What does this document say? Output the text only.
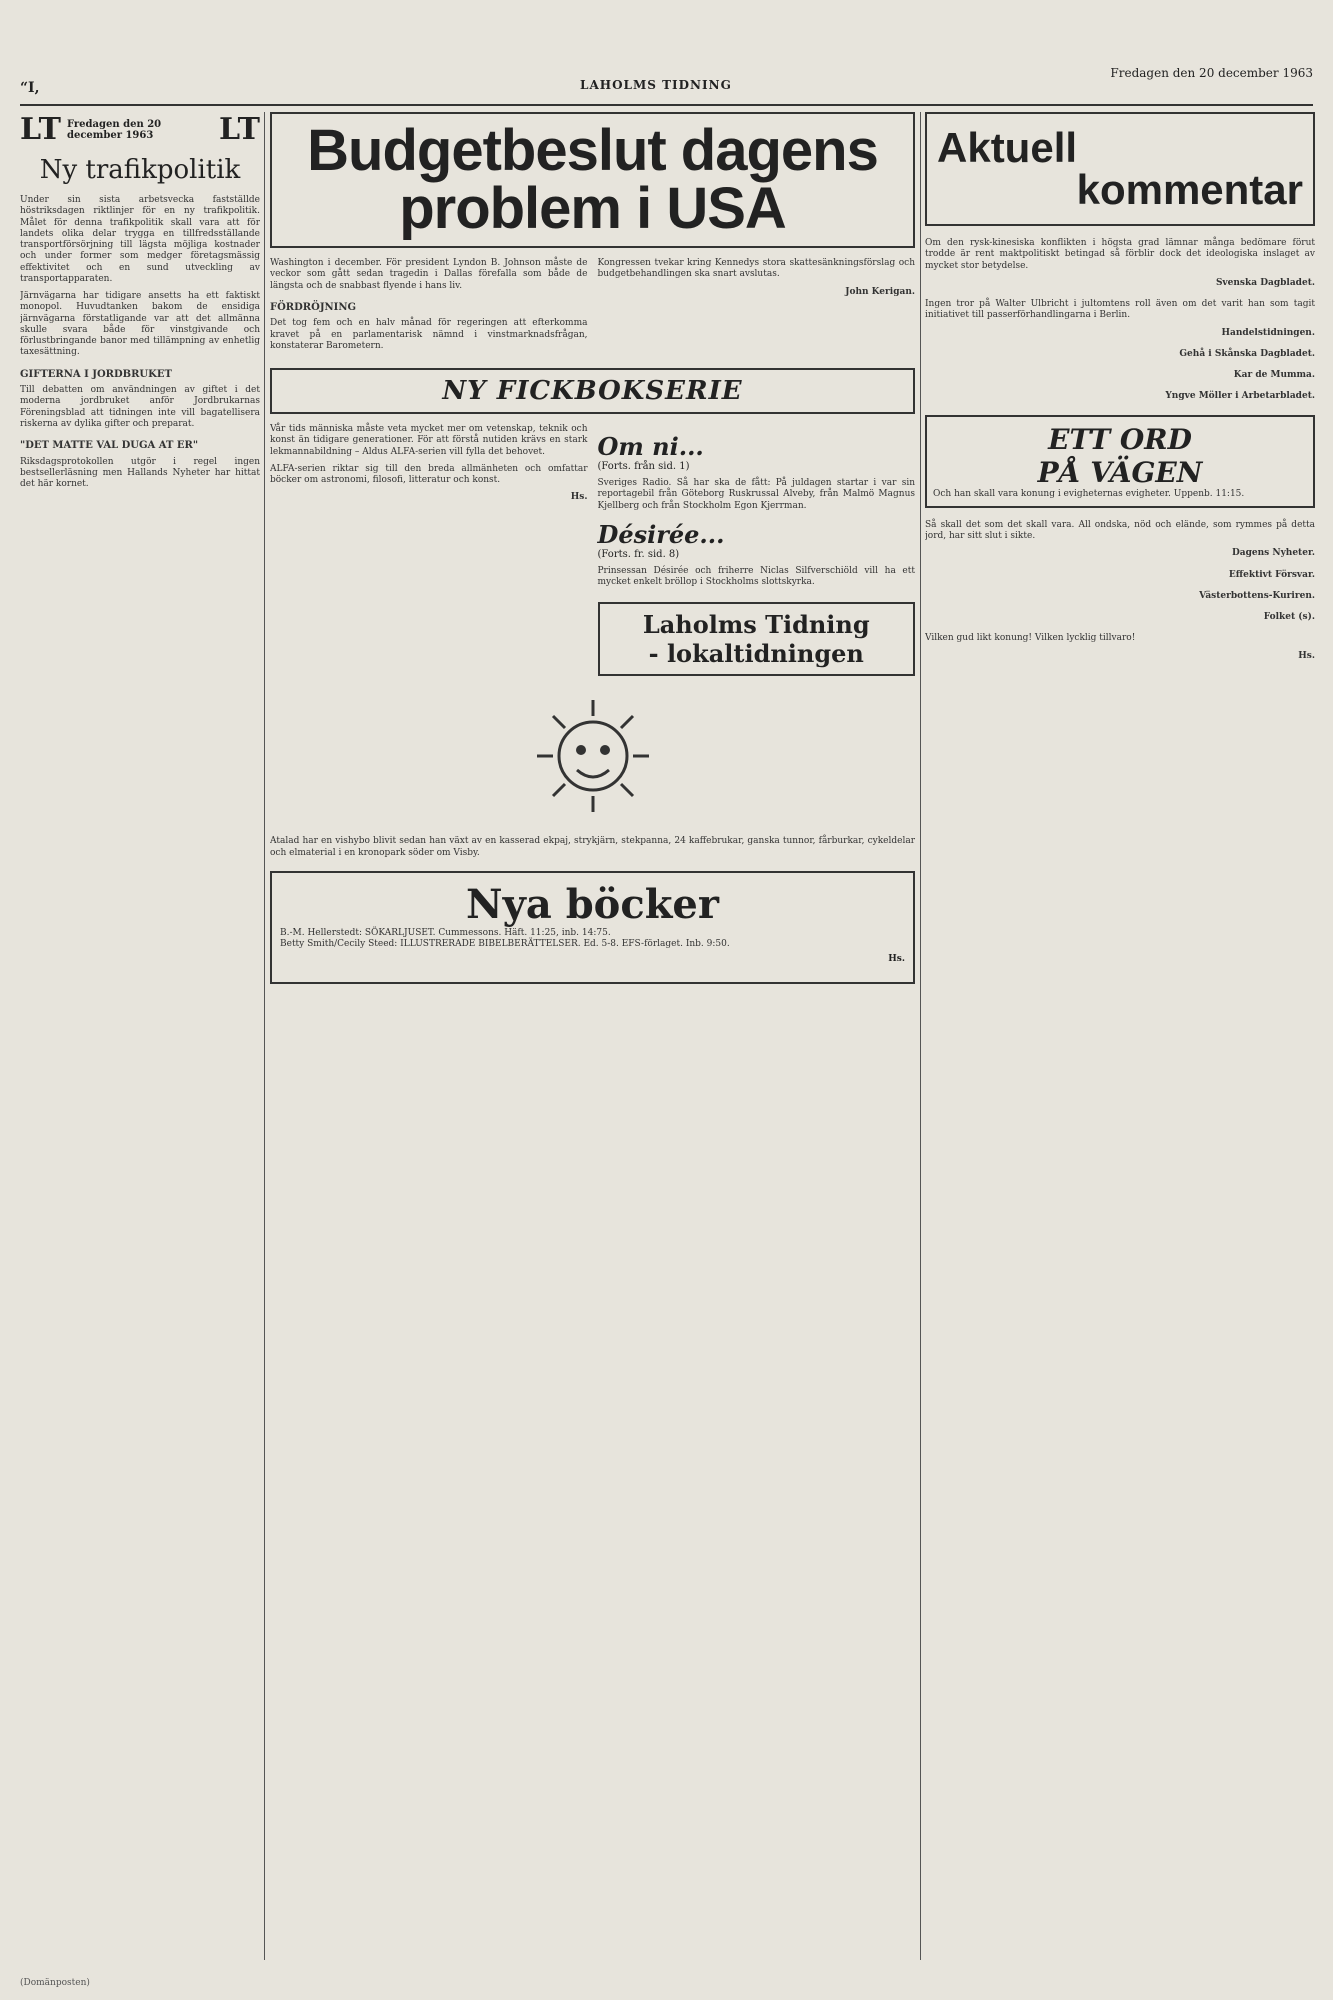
“I,	LAHOLMS TIDNING
Fredagen den 20 december 1963
LT Fredagen den 20 december 1963	LT
Ny trafikpolitik

Under sin sista arbetsvecka fastställde höstriksdagen riktlinjer för en ny trafikpolitik. Målet för denna trafikpolitik skall vara att för landets olika delar trygga en tillfredsställande transportförsörjning till lägsta möjliga kostnader och under former som medger företagsmässig effektivitet och en sund utveckling av transportapparaten.

Järnvägarna har tidigare ansetts ha ett faktiskt monopol. Huvudtanken bakom de ensidiga järnvägarna förstatligande var att det allmänna skulle svara både för vinstgivande och förlustbringande banor med tillämpning av enhetlig taxesättning.

GIFTERNA I JORDBRUKET

Till debatten om användningen av giftet i det moderna jordbruket anför Jordbrukarnas Föreningsblad att tidningen inte vill bagatellisera riskerna av dylika gifter och preparat.

"DET MATTE VAL DUGA AT ER"

Riksdagsprotokollen utgör i regel ingen bestsellerläsning men Hallands Nyheter har hittat det här kornet.

Budgetbeslut dagens problem i USA

Washington i december. För president Lyndon B. Johnson måste de veckor som gått sedan tragedin i Dallas förefalla som både de längsta och de snabbast flyende i hans liv.

FÖRDRÖJNING

Det tog fem och en halv månad för regeringen att efterkomma kravet på en parlamentarisk nämnd i vinstmarknadsfrågan, konstaterar Barometern.

Kongressen tvekar kring Kennedys stora skattesänkningsförslag och budgetbehandlingen ska snart avslutas.

John Kerigan.
NY FICKBOKSERIE

Vår tids människa måste veta mycket mer om vetenskap, teknik och konst än tidigare generationer. För att förstå nutiden krävs en stark lekmannabildning – Aldus ALFA-serien vill fylla det behovet.

ALFA-serien riktar sig till den breda allmänheten och omfattar böcker om astronomi, filosofi, litteratur och konst.

Hs.
Om ni...
(Forts. från sid. 1)
Sveriges Radio. Så har ska de fått: På juldagen startar i var sin reportagebil från Göteborg Ruskrussal Alveby, från Malmö Magnus Kjellberg och från Stockholm Egon Kjerrman.
Désirée...
(Forts. fr. sid. 8)
Prinsessan Désirée och friherre Niclas Silfverschiöld vill ha ett mycket enkelt bröllop i Stockholms slottskyrka.
Laholms Tidning
- lokaltidningen
Atalad har en vishybo blivit sedan han växt av en kasserad ekpaj, strykjärn, stekpanna, 24 kaffebrukar, ganska tunnor, fårburkar, cykeldelar och elmaterial i en kronopark söder om Visby.
Nya böcker
B.-M. Hellerstedt: SÖKARLJUSET. Cummessons. Häft. 11:25, inb. 14:75.
Betty Smith/Cecily Steed: ILLUSTRERADE BIBELBERÄTTELSER. Ed. 5-8. EFS-förlaget. Inb. 9:50.
Hs.
Aktuell
kommentar

Om den rysk-kinesiska konflikten i högsta grad lämnar många bedömare förut trodde är rent maktpolitiskt betingad så förblir dock det ideologiska inslaget av mycket stor betydelse.

Svenska Dagbladet.

Ingen tror på Walter Ulbricht i jultomtens roll även om det varit han som tagit initiativet till passerförhandlingarna i Berlin.

Handelstidningen.
Gehå i Skånska Dagbladet.
Kar de Mumma.
Yngve Möller i Arbetarbladet.
ETT ORD
PÅ VÄGEN
Och han skall vara konung i evigheternas evigheter. Uppenb. 11:15.

Så skall det som det skall vara. All ondska, nöd och elände, som rymmes på detta jord, har sitt slut i sikte.

Dagens Nyheter.
Effektivt Försvar.
Västerbottens-Kuriren.
Folket (s).

Vilken gud likt konung! Vilken lycklig tillvaro!

Hs.
(Domänposten)
